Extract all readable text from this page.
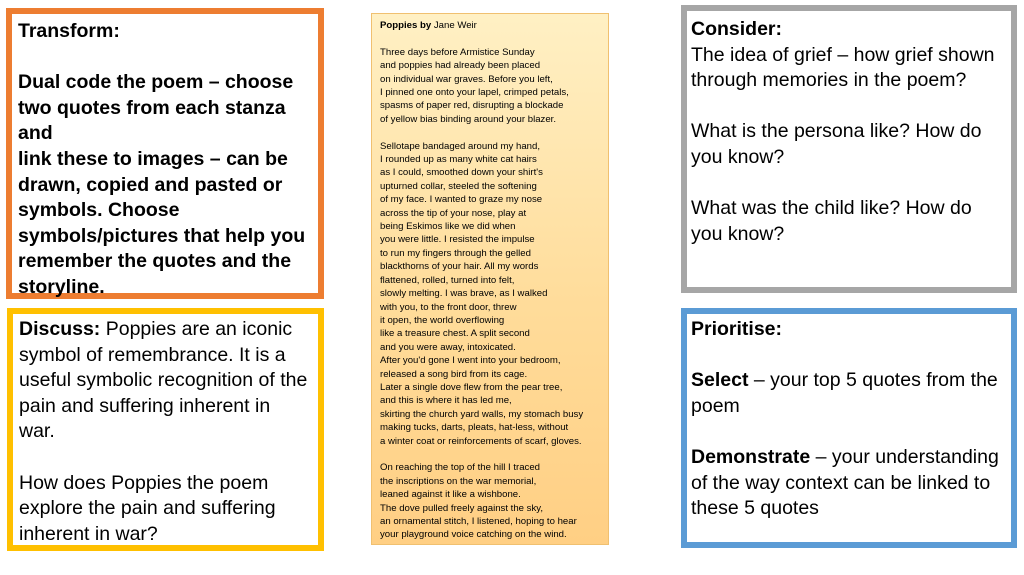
Transform:

Dual code the poem – choose

two quotes from each stanza and

link these to images – can be

drawn, copied and pasted or

symbols. Choose

symbols/pictures that help you

remember the quotes and the

storyline.

Discuss: Poppies are an iconic

symbol of remembrance. It is a

useful symbolic recognition of the

pain and suffering inherent in

war.

How does Poppies the poem

explore the pain and suffering

inherent in war?

Poppies by Jane Weir

Three days before Armistice Sunday

and poppies had already been placed

on individual war graves. Before you left,

I pinned one onto your lapel, crimped petals,

spasms of paper red, disrupting a blockade

of yellow bias binding around your blazer.

Sellotape bandaged around my hand,

I rounded up as many white cat hairs

as I could, smoothed down your shirt's

upturned collar, steeled the softening

of my face. I wanted to graze my nose

across the tip of your nose, play at

being Eskimos like we did when

you were little. I resisted the impulse

to run my fingers through the gelled

blackthorns of your hair. All my words

flattened, rolled, turned into felt,

slowly melting. I was brave, as I walked

with you, to the front door, threw

it open, the world overflowing

like a treasure chest. A split second

and you were away, intoxicated.

After you'd gone I went into your bedroom,

released a song bird from its cage.

Later a single dove flew from the pear tree,

and this is where it has led me,

skirting the church yard walls, my stomach busy

making tucks, darts, pleats, hat-less, without

a winter coat or reinforcements of scarf, gloves.

On reaching the top of the hill I traced

the inscriptions on the war memorial,

leaned against it like a wishbone.

The dove pulled freely against the sky,

an ornamental stitch, I listened, hoping to hear

your playground voice catching on the wind.

Consider:

The idea of grief – how grief shown

through memories in the poem?

What is the persona like? How do

you know?

What was the child like? How do

you know?

Prioritise:

Select – your top 5 quotes from the

poem

Demonstrate – your understanding

of the way context can be linked to

these 5 quotes
